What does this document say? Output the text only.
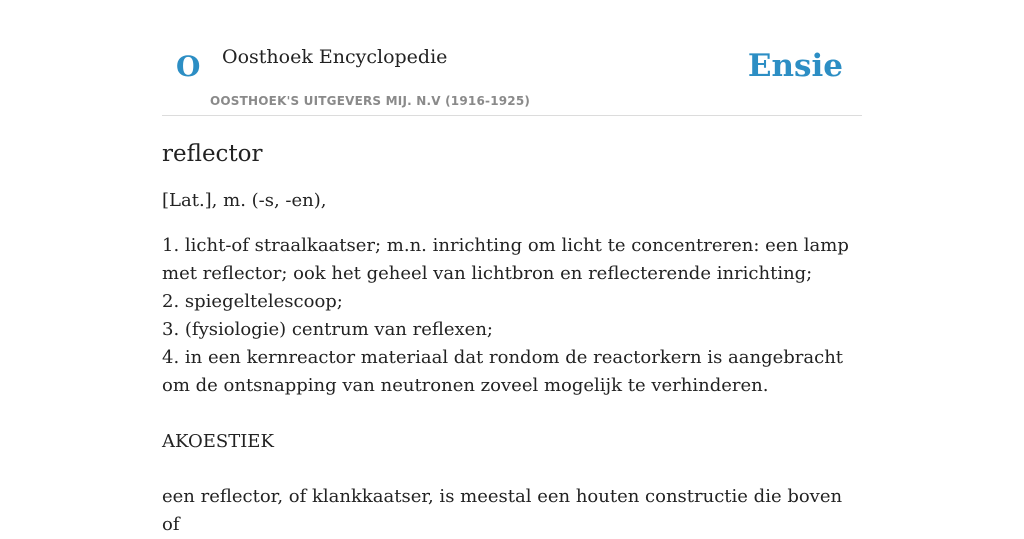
O Oosthoek Encyclopedie
OOSTHOEK'S UITGEVERS MIJ. N.V (1916-1925)
Ensie
reflector

[Lat.], m. (-s, -en),

1. licht-of straalkaatser; m.n. inrichting om licht te concentreren: een lamp met reflector; ook het geheel van lichtbron en reflecterende inrichting;
2. spiegeltelescoop;
3. (fysiologie) centrum van reflexen;
4. in een kernreactor materiaal dat rondom de reactorkern is aangebracht om de ontsnapping van neutronen zoveel mogelijk te verhinderen.

AKOESTIEK

een reflector, of klankkaatser, is meestal een houten constructie die boven of
